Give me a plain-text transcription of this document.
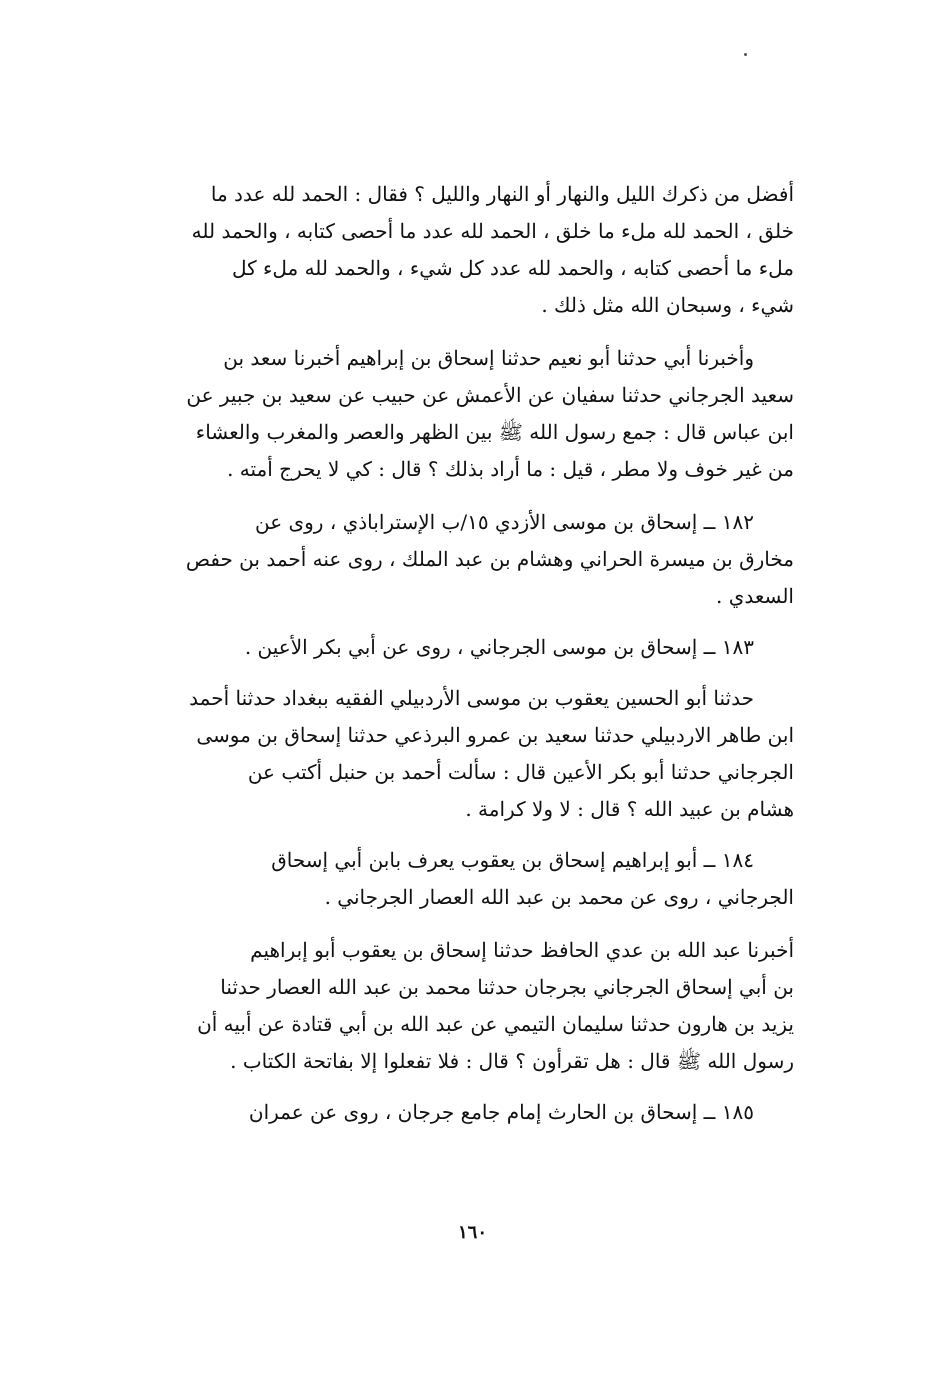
أفضل من ذكرك الليل والنهار أو النهار والليل ؟ فقال : الحمد لله عدد ما
خلق ، الحمد لله ملء ما خلق ، الحمد لله عدد ما أحصى كتابه ، والحمد لله
ملء ما أحصى كتابه ، والحمد لله عدد كل شيء ، والحمد لله ملء كل
شيء ، وسبحان الله مثل ذلك .
وأخبرنا أبي حدثنا أبو نعيم حدثنا إسحاق بن إبراهيم أخبرنا سعد بن
سعيد الجرجاني حدثنا سفيان عن الأعمش عن حبيب عن سعيد بن جبير عن
ابن عباس قال : جمع رسول الله ﷺ بين الظهر والعصر والمغرب والعشاء
من غير خوف ولا مطر ، قيل : ما أراد بذلك ؟ قال : كي لا يحرج أمته .
١٨٢ ــ إسحاق بن موسى الأزدي ١٥/ب الإستراباذي ، روى عن
مخارق بن ميسرة الحراني وهشام بن عبد الملك ، روى عنه أحمد بن حفص
السعدي .
١٨٣ ــ إسحاق بن موسى الجرجاني ، روى عن أبي بكر الأعين .
حدثنا أبو الحسين يعقوب بن موسى الأردبيلي الفقيه ببغداد حدثنا أحمد
ابن طاهر الاردبيلي حدثنا سعيد بن عمرو البرذعي حدثنا إسحاق بن موسى
الجرجاني حدثنا أبو بكر الأعين قال : سألت أحمد بن حنبل أكتب عن
هشام بن عبيد الله ؟ قال : لا ولا كرامة .
١٨٤ ــ أبو إبراهيم إسحاق بن يعقوب يعرف بابن أبي إسحاق
الجرجاني ، روى عن محمد بن عبد الله العصار الجرجاني .
أخبرنا عبد الله بن عدي الحافظ حدثنا إسحاق بن يعقوب أبو إبراهيم
بن أبي إسحاق الجرجاني بجرجان حدثنا محمد بن عبد الله العصار حدثنا
يزيد بن هارون حدثنا سليمان التيمي عن عبد الله بن أبي قتادة عن أبيه أن
رسول الله ﷺ قال : هل تقرأون ؟ قال : فلا تفعلوا إلا بفاتحة الكتاب .
١٨٥ ــ إسحاق بن الحارث إمام جامع جرجان ، روى عن عمران
١٦٠
